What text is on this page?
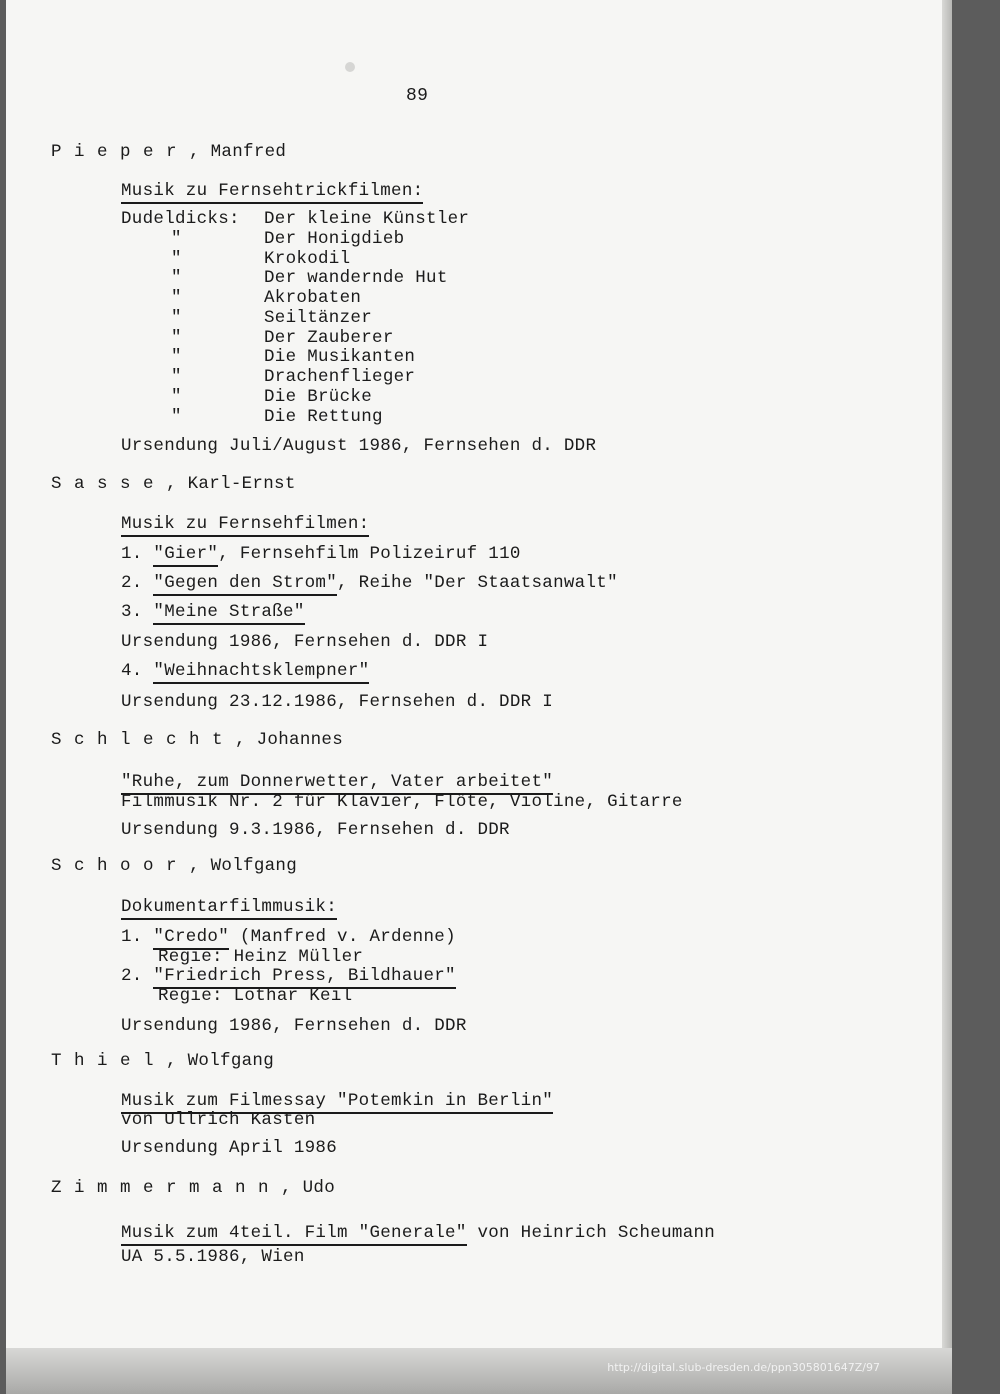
89
Pieper, Manfred
Musik zu Fernsehtrickfilmen:
Dudeldicks: Der kleine Künstler
"	Der Honigdieb
"	Krokodil
"	Der wandernde Hut
"	Akrobaten
"	Seiltänzer
"	Der Zauberer
"	Die Musikanten
"	Drachenflieger
"	Die Brücke
"	Die Rettung
Ursendung Juli/August 1986, Fernsehen d. DDR
Sasse, Karl-Ernst
Musik zu Fernsehfilmen:
1. "Gier", Fernsehfilm Polizeiruf 110
2. "Gegen den Strom", Reihe "Der Staatsanwalt"
3. "Meine Straße"
Ursendung 1986, Fernsehen d. DDR I
4. "Weihnachtsklempner"
Ursendung 23.12.1986, Fernsehen d. DDR I
Schlecht, Johannes
"Ruhe, zum Donnerwetter, Vater arbeitet"
Filmmusik Nr. 2 für Klavier, Flöte, Violine, Gitarre
Ursendung 9.3.1986, Fernsehen d. DDR
Schoor, Wolfgang
Dokumentarfilmmusik:
1. "Credo" (Manfred v. Ardenne)
Regie: Heinz Müller
2. "Friedrich Press, Bildhauer"
Regie: Lothar Keil
Ursendung 1986, Fernsehen d. DDR
Thiel, Wolfgang
Musik zum Filmessay "Potemkin in Berlin"
von Ullrich Kasten
Ursendung April 1986
Zimmermann, Udo
Musik zum 4teil. Film "Generale" von Heinrich Scheumann
UA 5.5.1986, Wien
http://digital.slub-dresden.de/ppn305801647Z/97
